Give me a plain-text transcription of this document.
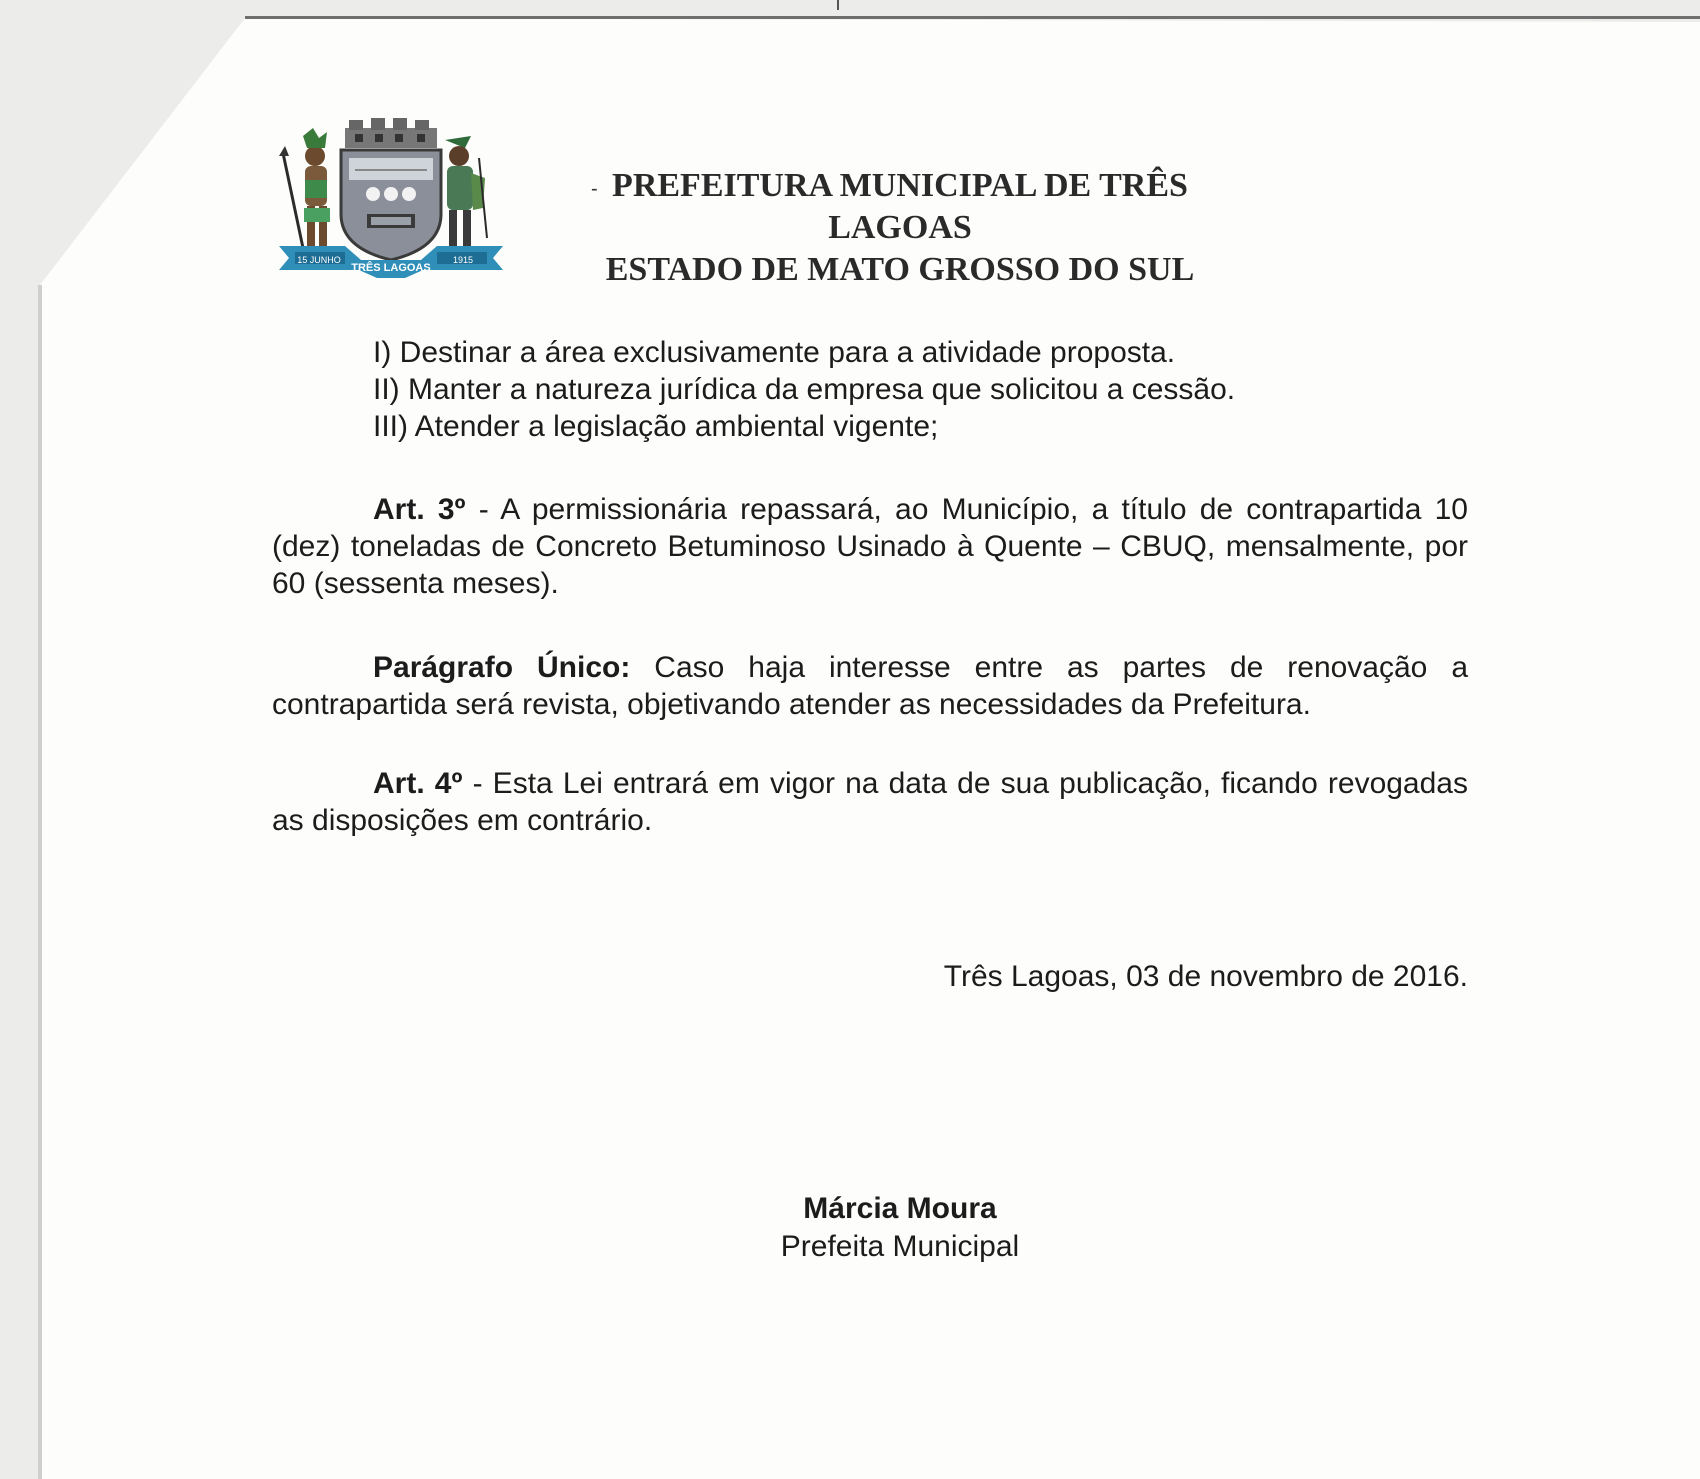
15 JUNHO
TRÊS LAGOAS
1915
- PREFEITURA MUNICIPAL DE TRÊS LAGOAS
ESTADO DE MATO GROSSO DO SUL
I) Destinar a área exclusivamente para a atividade proposta.
II) Manter a natureza jurídica da empresa que solicitou a cessão.
III) Atender a legislação ambiental vigente;
Art. 3º - A permissionária repassará, ao Município, a título de contrapartida 10 (dez) toneladas de Concreto Betuminoso Usinado à Quente – CBUQ, mensalmente, por 60 (sessenta meses).
Parágrafo Único: Caso haja interesse entre as partes de renovação a contrapartida será revista, objetivando atender as necessidades da Prefeitura.
Art. 4º - Esta Lei entrará em vigor na data de sua publicação, ficando revogadas as disposições em contrário.
Três Lagoas, 03 de novembro de 2016.
Márcia Moura
Prefeita Municipal
